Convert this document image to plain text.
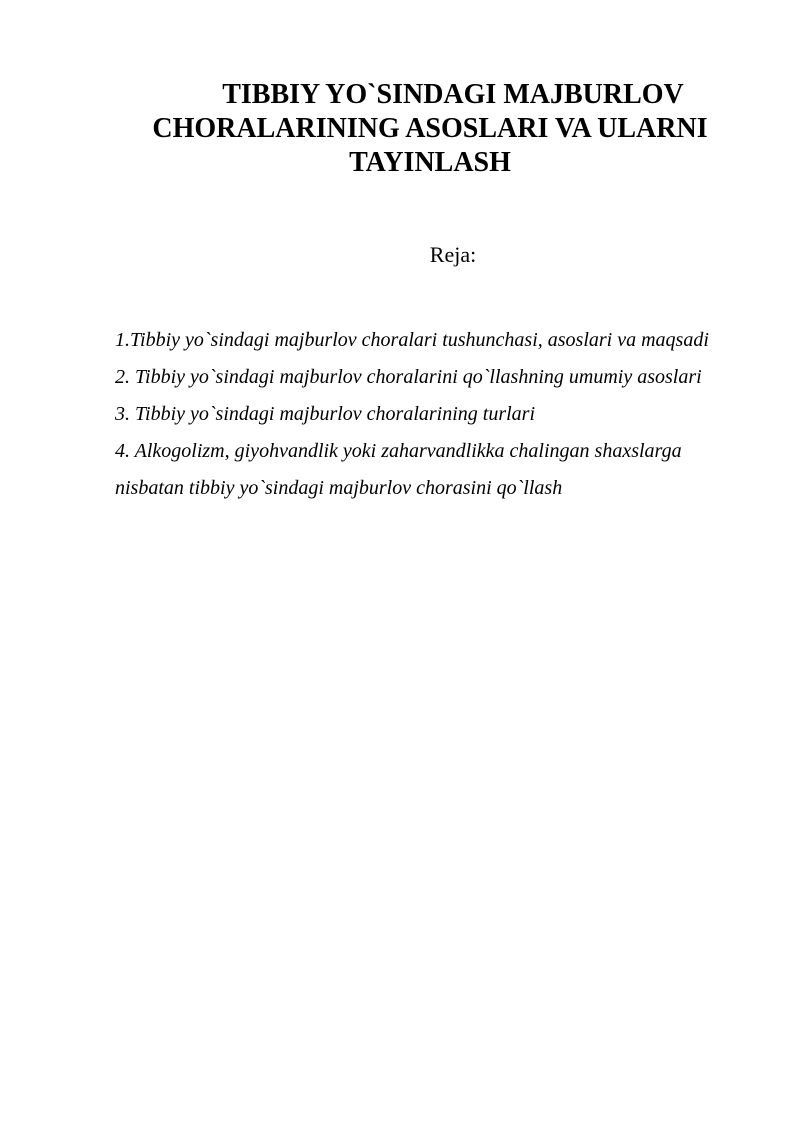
TIBBIY YO`SINDAGI MAJBURLOV
CHORALARINING ASOSLARI VA ULARNI
TAYINLASH

Reja:

1.Tibbiy yo`sindagi majburlov choralari tushunchasi, asoslari va maqsadi
2. Tibbiy yo`sindagi majburlov choralarini qo`llashning umumiy asoslari
3. Tibbiy yo`sindagi majburlov choralarining turlari
4. Alkogolizm, giyohvandlik yoki zaharvandlikka chalingan shaxslarga nisbatan tibbiy yo`sindagi majburlov chorasini qo`llash
